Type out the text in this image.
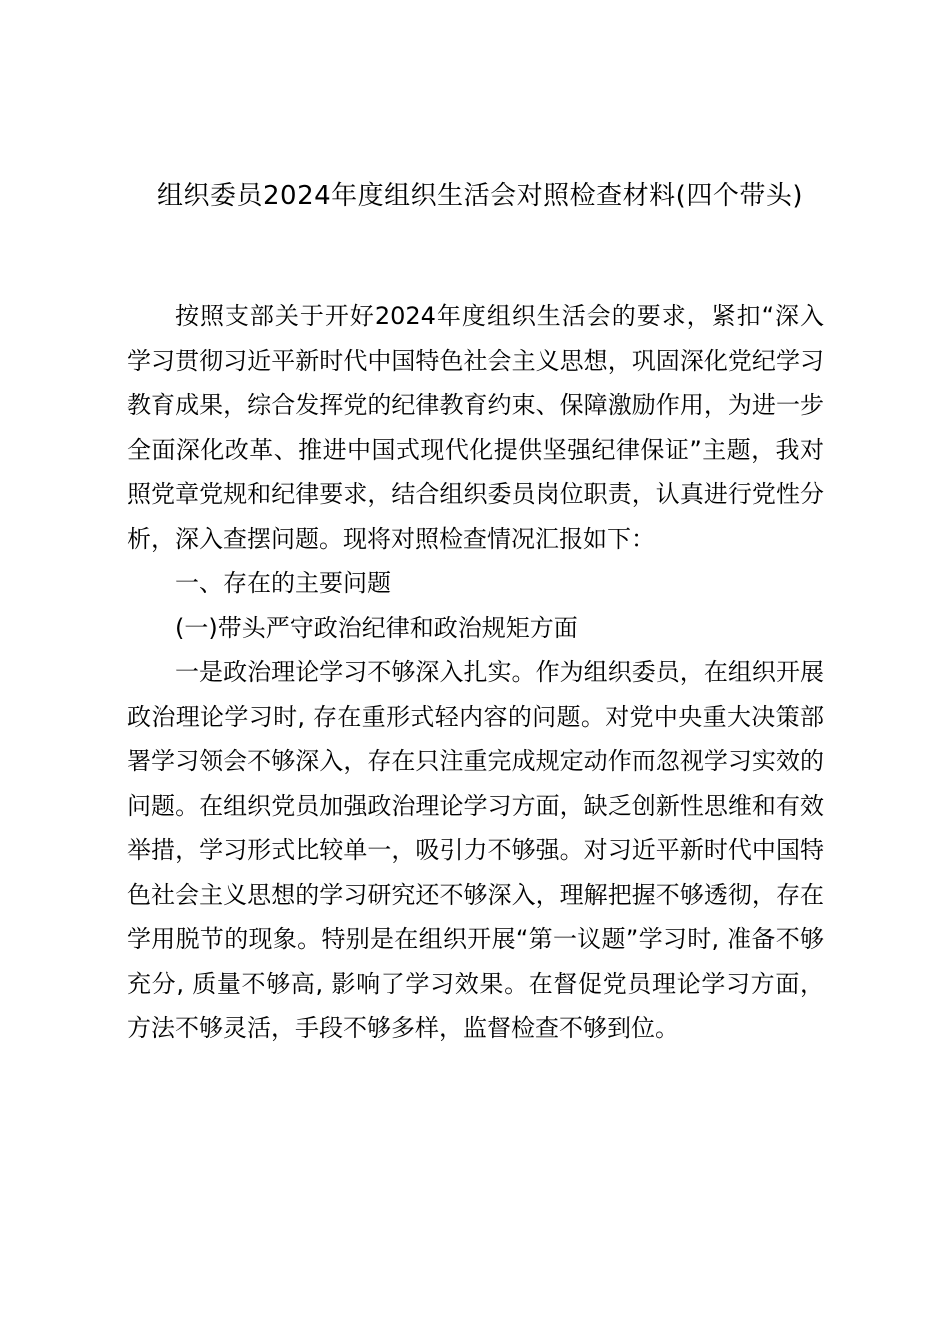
组织委员2024年度组织生活会对照检查材料(四个带头)

按照支部关于开好2024年度组织生活会的要求，紧扣“深入学习贯彻习近平新时代中国特色社会主义思想，巩固深化党纪学习教育成果，综合发挥党的纪律教育约束、保障激励作用，为进一步全面深化改革、推进中国式现代化提供坚强纪律保证”主题，我对照党章党规和纪律要求，结合组织委员岗位职责，认真进行党性分析，深入查摆问题。现将对照检查情况汇报如下：

一、存在的主要问题

(一)带头严守政治纪律和政治规矩方面

一是政治理论学习不够深入扎实。作为组织委员，在组织开展政治理论学习时, 存在重形式轻内容的问题。对党中央重大决策部署学习领会不够深入，存在只注重完成规定动作而忽视学习实效的问题。在组织党员加强政治理论学习方面，缺乏创新性思维和有效举措，学习形式比较单一，吸引力不够强。对习近平新时代中国特色社会主义思想的学习研究还不够深入，理解把握不够透彻，存在学用脱节的现象。特别是在组织开展“第一议题”学习时, 准备不够充分, 质量不够高, 影响了学习效果。在督促党员理论学习方面，方法不够灵活，手段不够多样，监督检查不够到位。
